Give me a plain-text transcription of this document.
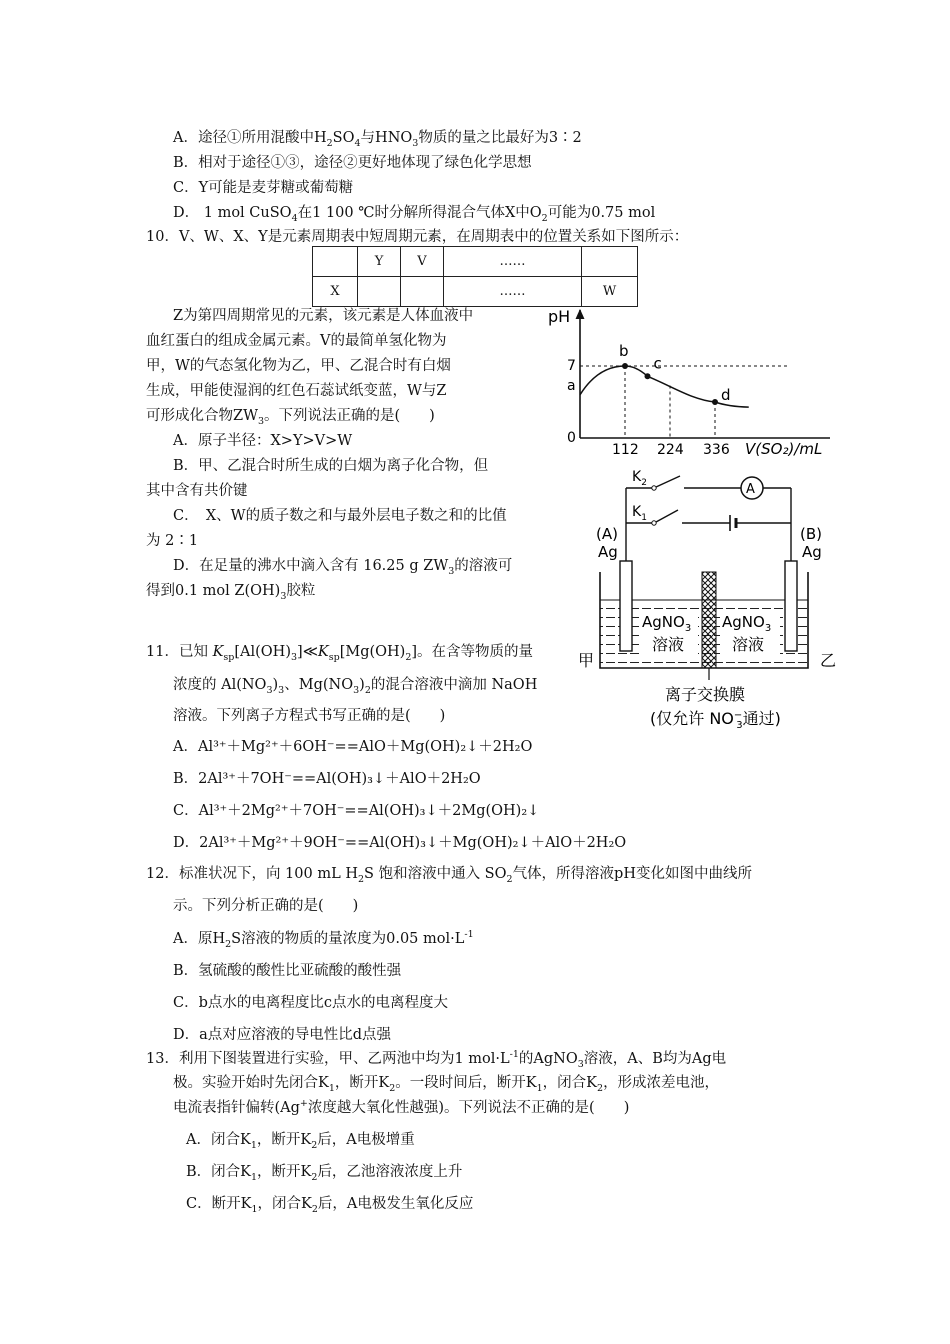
A．途径①所用混酸中$H_2SO_4$与$HNO_3$物质的量之比最好为3∶2
B．相对于途径①③，途径②更好地体现了绿色化学思想
C．Y可能是麦芽糖或葡萄糖
D． 1 mol CuSO$_4$在1 100 ℃时分解所得混合气体X中$O_2$可能为0.75 mol
10．V、W、X、Y是元素周期表中短周期元素，在周期表中的位置关系如下图所示：
	Y	V	……	
X			……	W
Z为第四周期常见的元素，该元素是人体血液中
血红蛋白的组成金属元素。V的最简单氢化物为
甲，W的气态氢化物为乙，甲、乙混合时有白烟
生成，甲能使湿润的红色石蕊试纸变蓝，W与Z
可形成化合物$ZW_3$。下列说法正确的是(　　)
A．原子半径：X>Y>V>W
B．甲、乙混合时所生成的白烟为离子化合物，但
其中含有共价键
C．　X、W的质子数之和与最外层电子数之和的比值
为 2∶1
D．在足量的沸水中滴入含有 16.25 g $ZW_3$的溶液可
得到0.1 mol $Z(OH)_3$胶粒
11．已知 $K_{sp}[Al(OH)_3]≪K_{sp}[Mg(OH)_2]$。在含等物质的量
浓度的 $Al(NO_3)_3$、$Mg(NO_3)_2$的混合溶液中滴加 NaOH
溶液。下列离子方程式书写正确的是(　　)
A．Al³⁺＋Mg²⁺＋6OH⁻==AlO＋Mg(OH)₂↓＋2H₂O
B．2Al³⁺＋7OH⁻==Al(OH)₃↓＋AlO＋2H₂O
C．Al³⁺＋2Mg²⁺＋7OH⁻==Al(OH)₃↓＋2Mg(OH)₂↓
D．2Al³⁺＋Mg²⁺＋9OH⁻==Al(OH)₃↓＋Mg(OH)₂↓＋AlO＋2H₂O
12．标准状况下，向 100 mL $H_2S$ 饱和溶液中通入 $SO_2$气体，所得溶液pH变化如图中曲线所
示。下列分析正确的是(　　)
A．原$H_2S$溶液的物质的量浓度为0.05 $mol\cdot L^{-1}$
B．氢硫酸的酸性比亚硫酸的酸性强
C．b点水的电离程度比c点水的电离程度大
D．a点对应溶液的导电性比d点强
13．利用下图装置进行实验，甲、乙两池中均为1 $mol\cdot L^{-1}$的AgNO$_3$溶液，A、B均为Ag电
极。实验开始时先闭合$K_1$，断开$K_2$。一段时间后，断开$K_1$，闭合$K_2$，形成浓差电池，
电流表指针偏转(Ag+浓度越大氧化性越强)。下列说法不正确的是(　　)
A．闭合$K_1$，断开$K_2$后，A电极增重
B．闭合$K_1$，断开$K_2$后，乙池溶液浓度上升
C．断开$K_1$，闭合$K_2$后，A电极发生氧化反应
pH
V(SO₂)/mL
7
a
0
112 224 336
b
c
d
A
$K_2$
$K_1$
(A)
Ag
(B)
Ag
AgNO$_3$
溶液
AgNO$_3$
溶液
甲	乙
离子交换膜
(仅允许 NO− 3通过)
